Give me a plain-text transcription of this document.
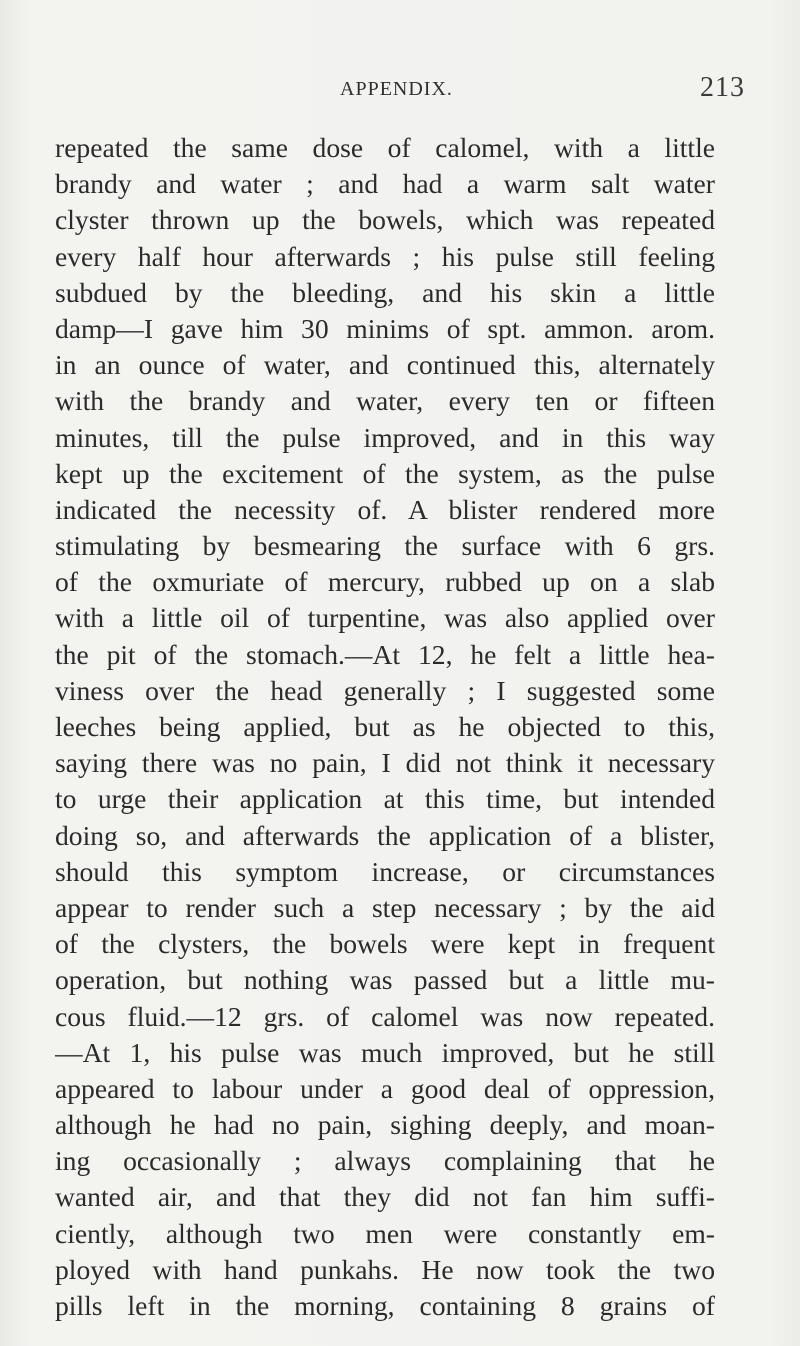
APPENDIX.	213
repeated the same dose of calomel, with a little
brandy and water ; and had a warm salt water
clyster thrown up the bowels, which was repeated
every half hour afterwards ; his pulse still feeling
subdued by the bleeding, and his skin a little
damp—I gave him 30 minims of spt. ammon. arom.
in an ounce of water, and continued this, alternately
with the brandy and water, every ten or fifteen
minutes, till the pulse improved, and in this way
kept up the excitement of the system, as the pulse
indicated the necessity of. A blister rendered more
stimulating by besmearing the surface with 6 grs.
of the oxmuriate of mercury, rubbed up on a slab
with a little oil of turpentine, was also applied over
the pit of the stomach.—At 12, he felt a little hea-
viness over the head generally ; I suggested some
leeches being applied, but as he objected to this,
saying there was no pain, I did not think it necessary
to urge their application at this time, but intended
doing so, and afterwards the application of a blister,
should this symptom increase, or circumstances
appear to render such a step necessary ; by the aid
of the clysters, the bowels were kept in frequent
operation, but nothing was passed but a little mu-
cous fluid.—12 grs. of calomel was now repeated.
—At 1, his pulse was much improved, but he still
appeared to labour under a good deal of oppression,
although he had no pain, sighing deeply, and moan-
ing occasionally ; always complaining that he
wanted air, and that they did not fan him suffi-
ciently, although two men were constantly em-
ployed with hand punkahs. He now took the two
pills left in the morning, containing 8 grains of
